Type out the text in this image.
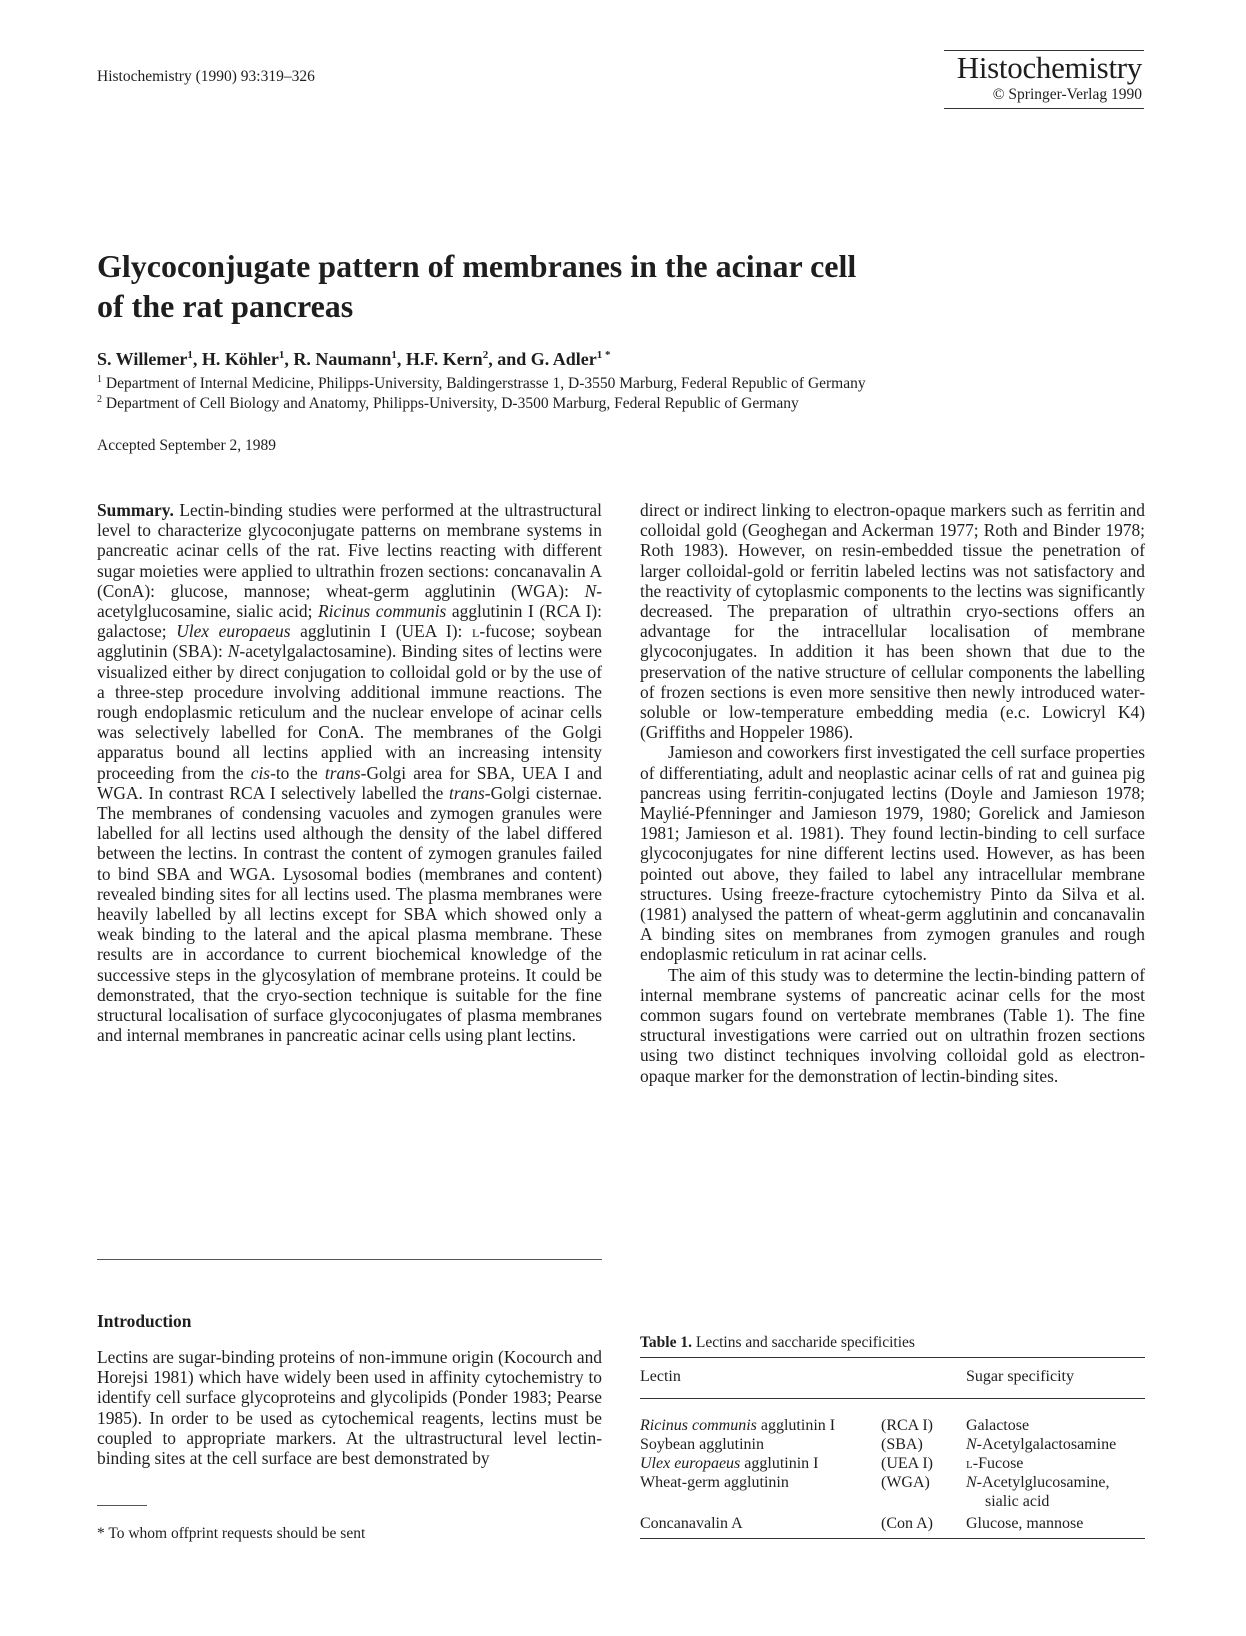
Histochemistry (1990) 93:319–326	Histochemistry
© Springer-Verlag 1990
Glycoconjugate pattern of membranes in the acinar cell
of the rat pancreas
S. Willemer$^1$, H. Köhler$^1$, R. Naumann$^1$, H.F. Kern$^2$, and G. Adler$^{1 *}$
$^1$ Department of Internal Medicine, Philipps-University, Baldingerstrasse 1, D-3550 Marburg, Federal Republic of Germany
$^2$ Department of Cell Biology and Anatomy, Philipps-University, D-3500 Marburg, Federal Republic of Germany
Accepted September 2, 1989

Summary. Lectin-binding studies were performed at the ultrastructural level to characterize glycoconjugate patterns on membrane systems in pancreatic acinar cells of the rat. Five lectins reacting with different sugar moieties were applied to ultrathin frozen sections: concanavalin A (ConA): glucose, mannose; wheat-germ agglutinin (WGA): N-acetylglucosamine, sialic acid; Ricinus communis agglutinin I (RCA I): galactose; Ulex europaeus agglutinin I (UEA I): l-fucose; soybean agglutinin (SBA): N-acetylgalactosamine). Binding sites of lectins were visualized either by direct conjugation to colloidal gold or by the use of a three-step procedure involving additional immune reactions. The rough endoplasmic reticulum and the nuclear envelope of acinar cells was selectively labelled for ConA. The membranes of the Golgi apparatus bound all lectins applied with an increasing intensity proceeding from the cis-to the trans-Golgi area for SBA, UEA I and WGA. In contrast RCA I selectively labelled the trans-Golgi cisternae. The membranes of condensing vacuoles and zymogen granules were labelled for all lectins used although the density of the label differed between the lectins. In contrast the content of zymogen granules failed to bind SBA and WGA. Lysosomal bodies (membranes and content) revealed binding sites for all lectins used. The plasma membranes were heavily labelled by all lectins except for SBA which showed only a weak binding to the lateral and the apical plasma membrane. These results are in accordance to current biochemical knowledge of the successive steps in the glycosylation of membrane proteins. It could be demonstrated, that the cryo-section technique is suitable for the fine structural localisation of surface glycoconjugates of plasma membranes and internal membranes in pancreatic acinar cells using plant lectins.

Introduction

Lectins are sugar-binding proteins of non-immune origin (Kocourch and Horejsi 1981) which have widely been used in affinity cytochemistry to identify cell surface glycoproteins and glycolipids (Ponder 1983; Pearse 1985). In order to be used as cytochemical reagents, lectins must be coupled to appropriate markers. At the ultrastructural level lectin-binding sites at the cell surface are best demonstrated by

* To whom offprint requests should be sent

direct or indirect linking to electron-opaque markers such as ferritin and colloidal gold (Geoghegan and Ackerman 1977; Roth and Binder 1978; Roth 1983). However, on resin-embedded tissue the penetration of larger colloidal-gold or ferritin labeled lectins was not satisfactory and the reactivity of cytoplasmic components to the lectins was significantly decreased. The preparation of ultrathin cryo-sections offers an advantage for the intracellular localisation of membrane glycoconjugates. In addition it has been shown that due to the preservation of the native structure of cellular components the labelling of frozen sections is even more sensitive then newly introduced water-soluble or low-temperature embedding media (e.c. Lowicryl K4) (Griffiths and Hoppeler 1986).

Jamieson and coworkers first investigated the cell surface properties of differentiating, adult and neoplastic acinar cells of rat and guinea pig pancreas using ferritin-conjugated lectins (Doyle and Jamieson 1978; Maylié-Pfenninger and Jamieson 1979, 1980; Gorelick and Jamieson 1981; Jamieson et al. 1981). They found lectin-binding to cell surface glycoconjugates for nine different lectins used. However, as has been pointed out above, they failed to label any intracellular membrane structures. Using freeze-fracture cytochemistry Pinto da Silva et al. (1981) analysed the pattern of wheat-germ agglutinin and concanavalin A binding sites on membranes from zymogen granules and rough endoplasmic reticulum in rat acinar cells.

The aim of this study was to determine the lectin-binding pattern of internal membrane systems of pancreatic acinar cells for the most common sugars found on vertebrate membranes (Table 1). The fine structural investigations were carried out on ultrathin frozen sections using two distinct techniques involving colloidal gold as electron-opaque marker for the demonstration of lectin-binding sites.

Table 1. Lectins and saccharide specificities
Lectin	Sugar specificity
Ricinus communis agglutinin I	(RCA I) Galactose
Soybean agglutinin	(SBA)	N-Acetylgalactosamine
Ulex europaeus agglutinin I	(UEA I) l-Fucose
Wheat-germ agglutinin	(WGA) N-Acetylglucosamine,
sialic acid
Concanavalin A	(Con A) Glucose, mannose
